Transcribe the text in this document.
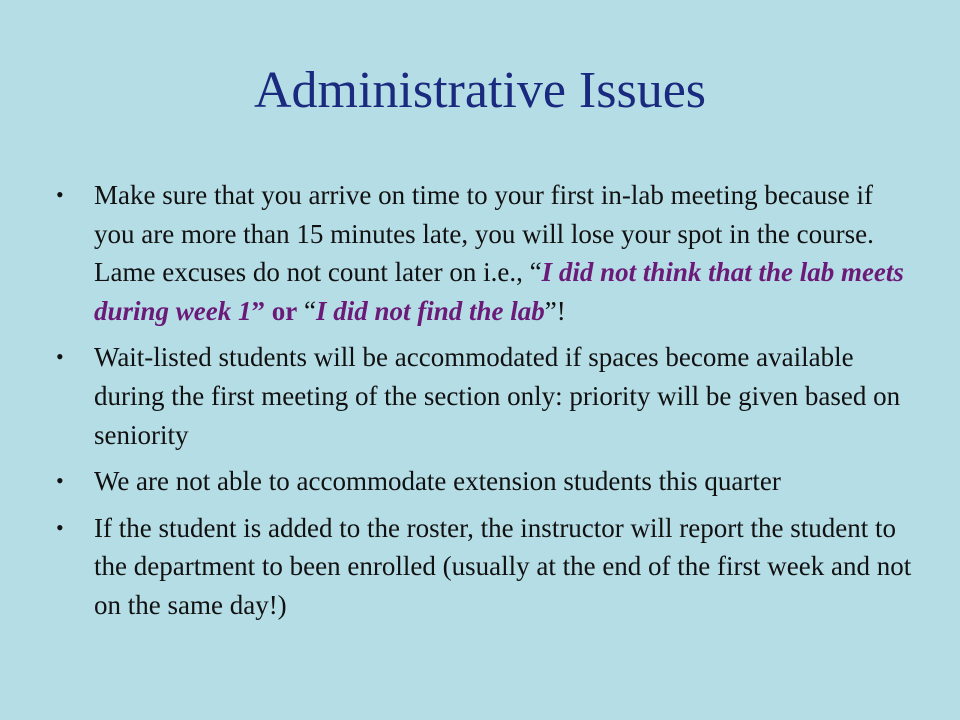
Administrative Issues
• Make sure that you arrive on time to your first in-lab meeting because if you are more than 15 minutes late, you will lose your spot in the course. Lame excuses do not count later on i.e., “I did not think that the lab meets during week 1” or “I did not find the lab”!
• Wait-listed students will be accommodated if spaces become available during the first meeting of the section only: priority will be given based on seniority
• We are not able to accommodate extension students this quarter
• If the student is added to the roster, the instructor will report the student to the department to been enrolled (usually at the end of the first week and not on the same day!)
